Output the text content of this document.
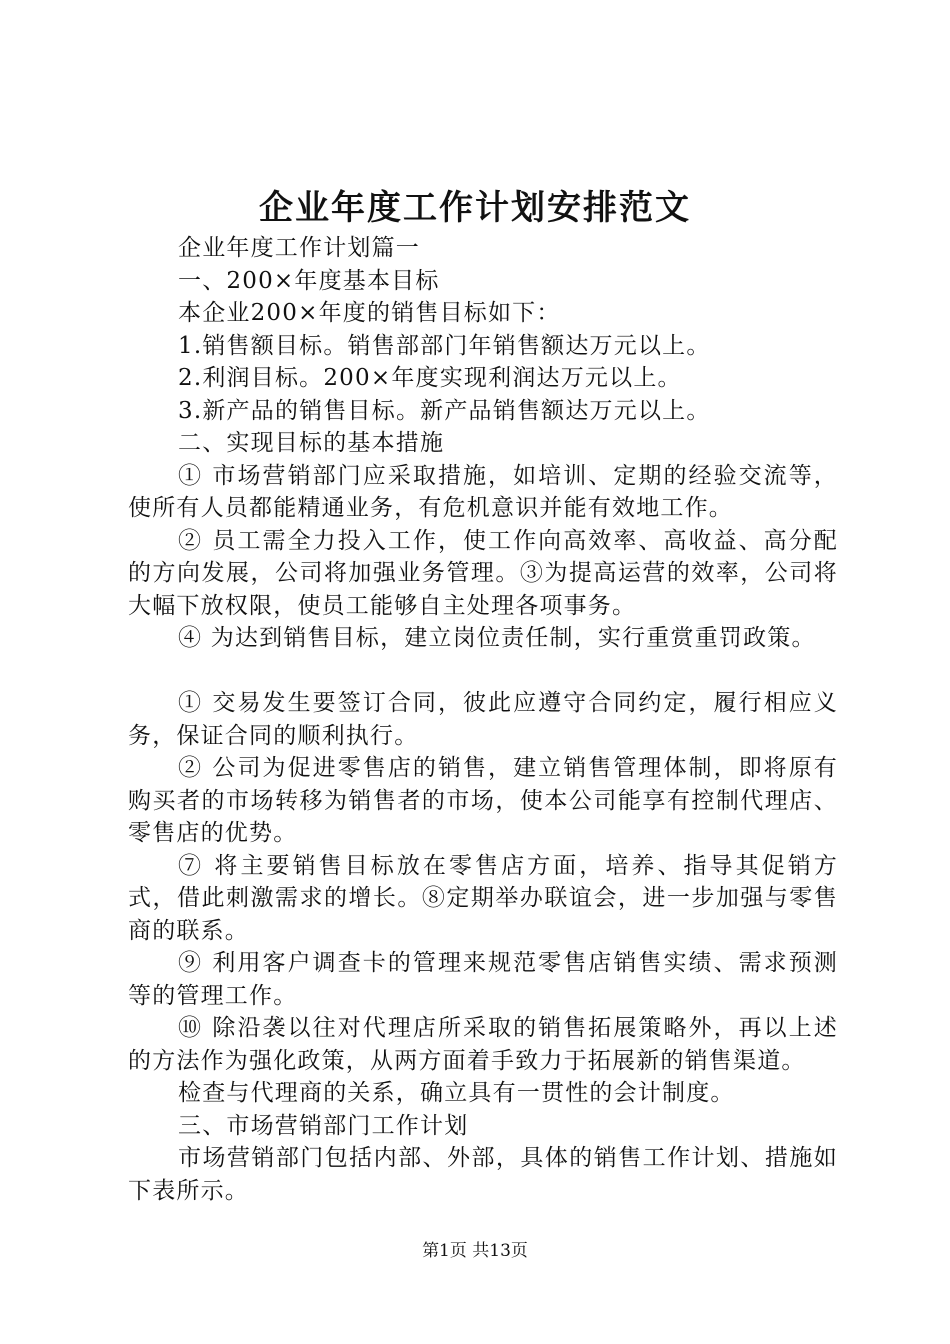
企业年度工作计划安排范文

企业年度工作计划篇一

一、200×年度基本目标

本企业200×年度的销售目标如下：

1.销售额目标。销售部部门年销售额达万元以上。

2.利润目标。200×年度实现利润达万元以上。

3.新产品的销售目标。新产品销售额达万元以上。

二、实现目标的基本措施

① 市场营销部门应采取措施，如培训、定期的经验交流等，使所有人员都能精通业务，有危机意识并能有效地工作。

② 员工需全力投入工作，使工作向高效率、高收益、高分配的方向发展，公司将加强业务管理。③为提高运营的效率，公司将大幅下放权限，使员工能够自主处理各项事务。

④ 为达到销售目标，建立岗位责任制，实行重赏重罚政策。

① 交易发生要签订合同，彼此应遵守合同约定，履行相应义务，保证合同的顺利执行。

② 公司为促进零售店的销售，建立销售管理体制，即将原有购买者的市场转移为销售者的市场，使本公司能享有控制代理店、零售店的优势。

⑦ 将主要销售目标放在零售店方面，培养、指导其促销方式，借此刺激需求的增长。⑧定期举办联谊会，进一步加强与零售商的联系。

⑨ 利用客户调查卡的管理来规范零售店销售实绩、需求预测等的管理工作。

⑩ 除沿袭以往对代理店所采取的销售拓展策略外，再以上述的方法作为强化政策，从两方面着手致力于拓展新的销售渠道。

检查与代理商的关系，确立具有一贯性的会计制度。

三、市场营销部门工作计划

市场营销部门包括内部、外部，具体的销售工作计划、措施如下表所示。

第1页 共13页
